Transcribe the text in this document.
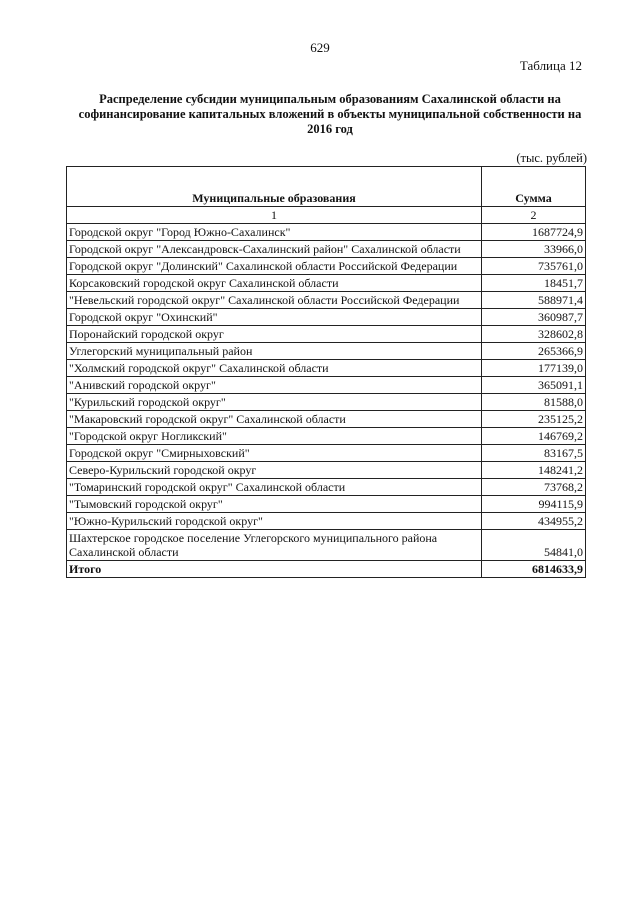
629
Таблица 12
Распределение субсидии муниципальным образованиям Сахалинской области на
софинансирование капитальных вложений в объекты муниципальной собственности на
2016 год
(тыс. рублей)
Муниципальные образования	Сумма
1	2
Городской округ "Город Южно-Сахалинск"	1687724,9
Городской округ "Александровск-Сахалинский район" Сахалинской области	33966,0
Городской округ "Долинский" Сахалинской области Российской Федерации	735761,0
Корсаковский городской округ Сахалинской области	18451,7
"Невельский городской округ" Сахалинской области Российской Федерации	588971,4
Городской округ "Охинский"	360987,7
Поронайский городской округ	328602,8
Углегорский муниципальный район	265366,9
"Холмский городской округ" Сахалинской области	177139,0
"Анивский городской округ"	365091,1
"Курильский городской округ"	81588,0
"Макаровский городской округ" Сахалинской области	235125,2
"Городской округ Ногликский"	146769,2
Городской округ "Смирныховский"	83167,5
Северо-Курильский городской округ	148241,2
"Томаринский городской округ" Сахалинской области	73768,2
"Тымовский городской округ"	994115,9
"Южно-Курильский городской округ"	434955,2
Шахтерское городское поселение Углегорского муниципального района Сахалинской области	54841,0
Итого	6814633,9
